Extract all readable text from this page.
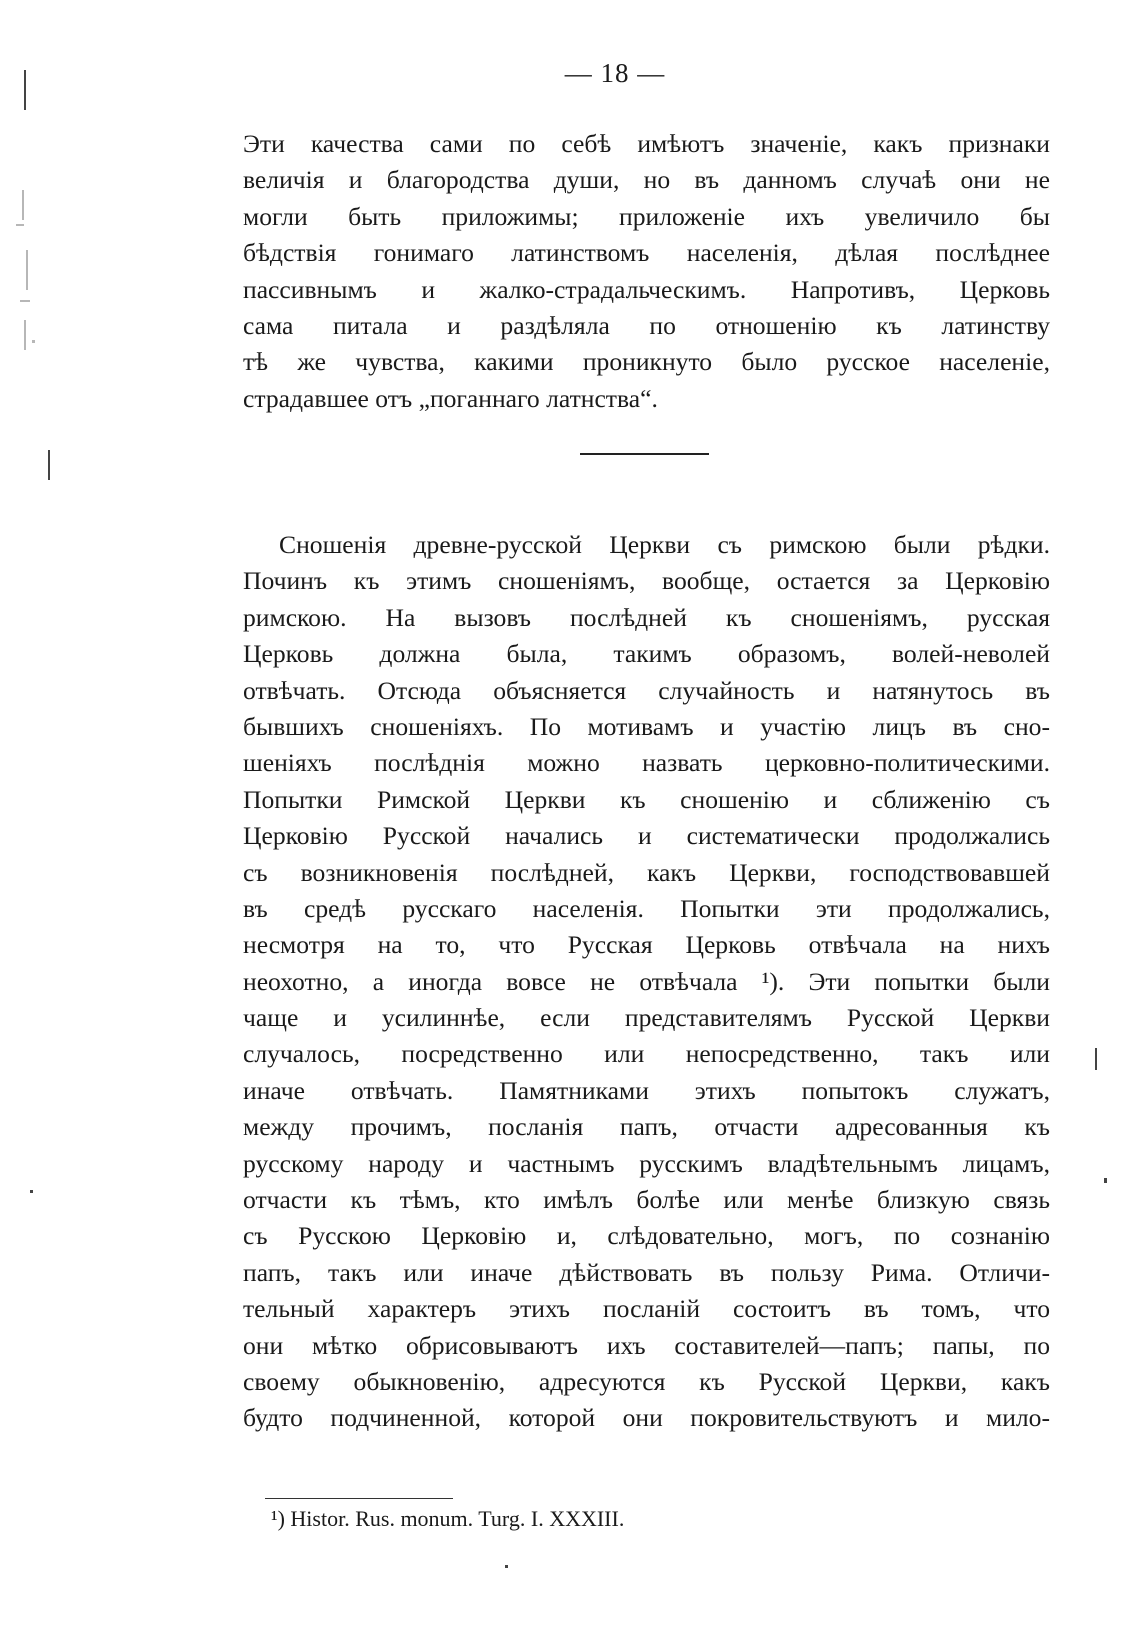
— 18 —
Эти качества сами по себѣ имѣютъ значеніе, какъ признаки
величія и благородства души, но въ данномъ случаѣ они не
могли быть приложимы; приложеніе ихъ увеличило бы
бѣдствія гонимаго латинствомъ населенія, дѣлая послѣднее
пассивнымъ и жалко-страдальческимъ. Напротивъ, Церковь
сама питала и раздѣляла по отношенію къ латинству
тѣ же чувства, какими проникнуто было русское населеніе,
страдавшее отъ „поганнаго латнства“.
Сношенія древне-русской Церкви съ римскою были рѣдки.
Починъ къ этимъ сношеніямъ, вообще, остается за Церковію
римскою. На вызовъ послѣдней къ сношеніямъ, русская
Церковь должна была, такимъ образомъ, волей-неволей
отвѣчать. Отсюда объясняется случайность и натянутось въ
бывшихъ сношеніяхъ. По мотивамъ и участію лицъ въ сно-
шеніяхъ послѣднія можно назвать церковно-политическими.
Попытки Римской Церкви къ сношенію и сближенію съ
Церковію Русской начались и систематически продолжались
съ возникновенія послѣдней, какъ Церкви, господствовавшей
въ средѣ русскаго населенія. Попытки эти продолжались,
несмотря на то, что Русская Церковь отвѣчала на нихъ
неохотно, а иногда вовсе не отвѣчала ¹). Эти попытки были
чаще и усилиннѣе, если представителямъ Русской Церкви
случалось, посредственно или непосредственно, такъ или
иначе отвѣчать. Памятниками этихъ попытокъ служатъ,
между прочимъ, посланія папъ, отчасти адресованныя къ
русскому народу и частнымъ русскимъ владѣтельнымъ лицамъ,
отчасти къ тѣмъ, кто имѣлъ болѣе или менѣе близкую связь
съ Русскою Церковію и, слѣдовательно, могъ, по сознанію
папъ, такъ или иначе дѣйствовать въ пользу Рима. Отличи-
тельный характеръ этихъ посланій состоитъ въ томъ, что
они мѣтко обрисовываютъ ихъ составителей—папъ; папы, по
своему обыкновенію, адресуются къ Русской Церкви, какъ
будто подчиненной, которой они покровительствуютъ и мило-
¹) Histor. Rus. monum. Turg. I. XXXIII.
